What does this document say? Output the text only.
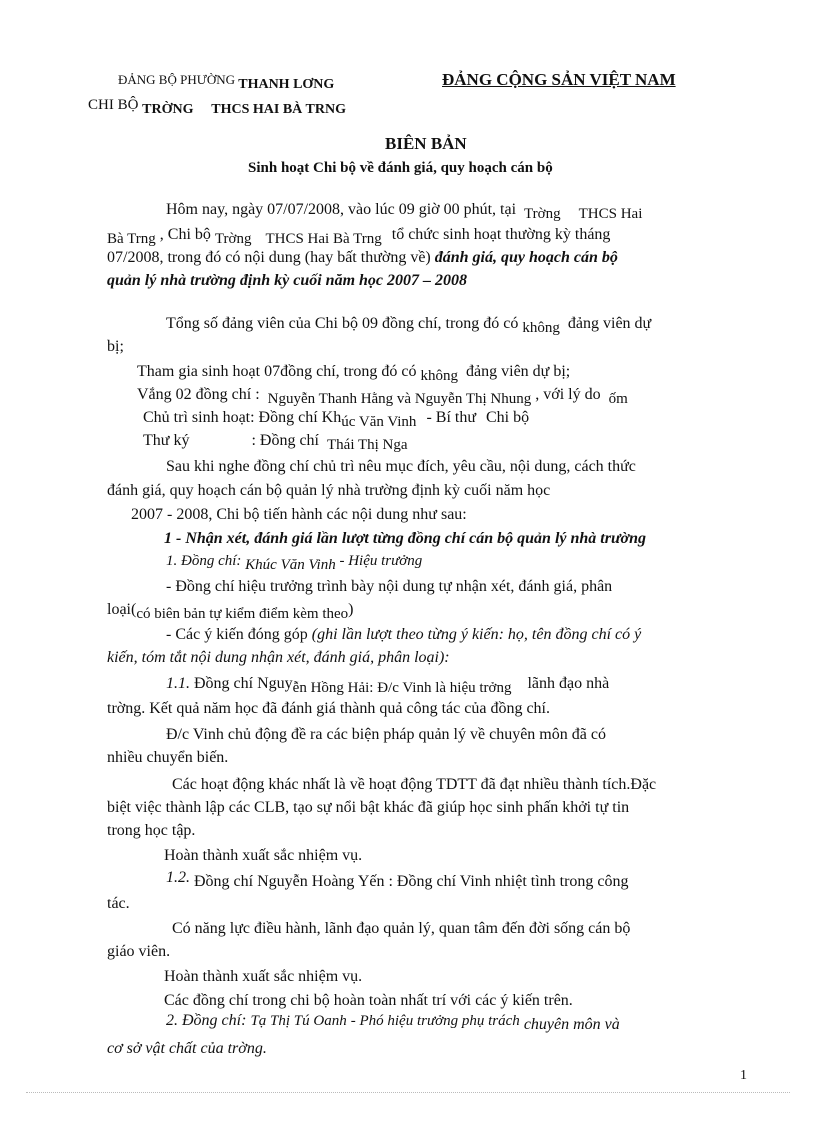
ĐẢNG BỘ PHƯỜNG THANH LƠNG
CHI BỘ TRỜNG THCS HAI BÀ TRNG
ĐẢNG CỘNG SẢN VIỆT NAM
BIÊN BẢN
Sinh hoạt Chi bộ về đánh giá, quy hoạch cán bộ
Hôm nay, ngày 07/07/2008, vào lúc 09 giờ 00 phút, tại Trờng THCS Hai
Bà Trng , Chi bộ Trờng THCS Hai Bà Trng tổ chức sinh hoạt thường kỳ tháng
07/2008, trong đó có nội dung (hay bất thường về) đánh giá, quy hoạch cán bộ
quản lý nhà trường định kỳ cuối năm học 2007 – 2008
Tổng số đảng viên của Chi bộ 09 đồng chí, trong đó có không đảng viên dự
bị;
Tham gia sinh hoạt 07đồng chí, trong đó có không đảng viên dự bị;
Vắng 02 đồng chí : Nguyễn Thanh Hằng và Nguyễn Thị Nhung , với lý do ốm
Chủ trì sinh hoạt: Đồng chí Khúc Văn Vinh - Bí thư Chi bộ
Thư ký	: Đồng chí Thái Thị Nga
Sau khi nghe đồng chí chủ trì nêu mục đích, yêu cầu, nội dung, cách thức
đánh giá, quy hoạch cán bộ quản lý nhà trường định kỳ cuối năm học
2007 - 2008, Chi bộ tiến hành các nội dung như sau:
1 - Nhận xét, đánh giá lần lượt từng đồng chí cán bộ quản lý nhà trường
1. Đồng chí: Khúc Văn Vinh - Hiệu trưởng
- Đồng chí hiệu trưởng trình bày nội dung tự nhận xét, đánh giá, phân
loại(có biên bản tự kiểm điểm kèm theo)
- Các ý kiến đóng góp (ghi lần lượt theo từng ý kiến: họ, tên đồng chí có ý
kiến, tóm tắt nội dung nhận xét, đánh giá, phân loại):
1.1. Đồng chí Nguyễn Hồng Hải: Đ/c Vinh là hiệu trởng lãnh đạo nhà
trờng. Kết quả năm học đã đánh giá thành quả công tác của đồng chí.
Đ/c Vinh chủ động đề ra các biện pháp quản lý về chuyên môn đã có
nhiều chuyển biến.
Các hoạt động khác nhất là về hoạt động TDTT đã đạt nhiều thành tích.Đặc
biệt việc thành lập các CLB, tạo sự nổi bật khác đã giúp học sinh phấn khởi tự tin
trong học tập.
Hoàn thành xuất sắc nhiệm vụ.
1.2. Đồng chí Nguyễn Hoàng Yến : Đồng chí Vinh nhiệt tình trong công
tác.
Có năng lực điều hành, lãnh đạo quản lý, quan tâm đến đời sống cán bộ
giáo viên.
Hoàn thành xuất sắc nhiệm vụ.
Các đồng chí trong chi bộ hoàn toàn nhất trí với các ý kiến trên.
2. Đồng chí: Tạ Thị Tú Oanh - Phó hiệu trưởng phụ trách chuyên môn và
cơ sở vật chất của trờng.
1
